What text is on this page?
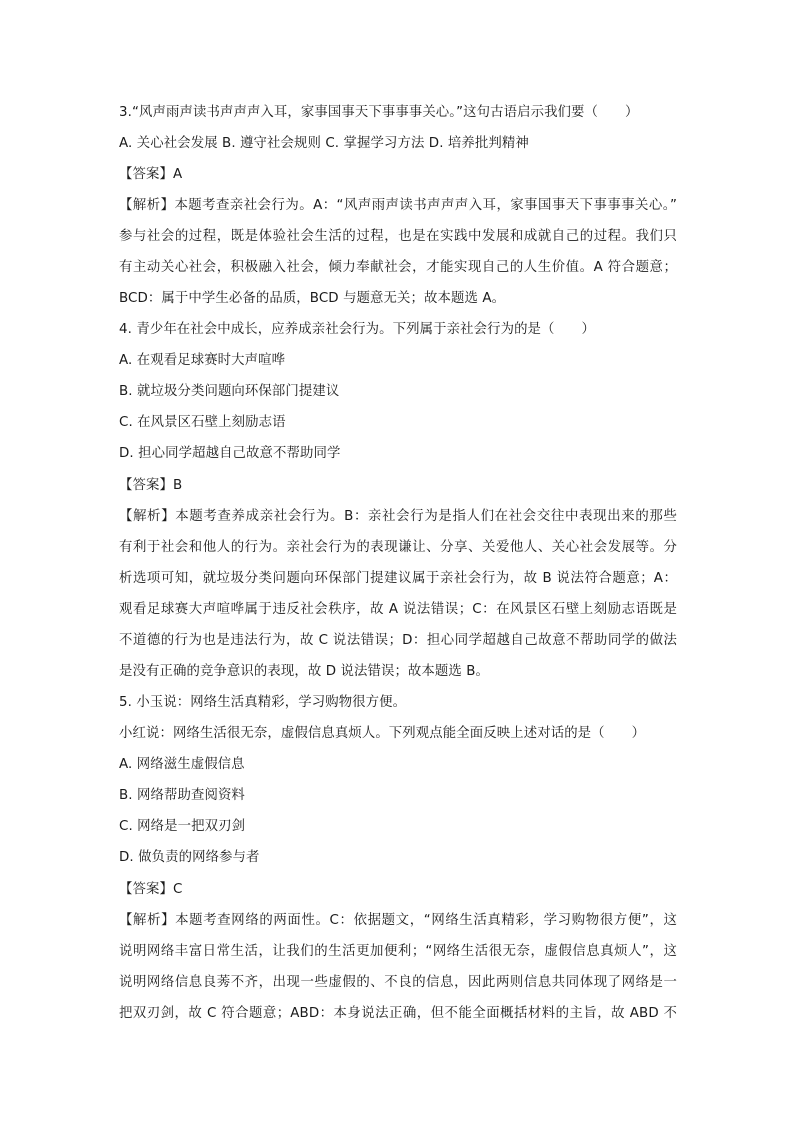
3.“风声雨声读书声声声入耳，家事国事天下事事事关心。”这句古语启示我们要（　　）
A. 关心社会发展 B. 遵守社会规则 C. 掌握学习方法 D. 培养批判精神
【答案】A
【解析】本题考查亲社会行为。A：“风声雨声读书声声声入耳，家事国事天下事事事关心。”
参与社会的过程，既是体验社会生活的过程，也是在实践中发展和成就自己的过程。我们只
有主动关心社会，积极融入社会，倾力奉献社会，才能实现自己的人生价值。A 符合题意；
BCD：属于中学生必备的品质，BCD 与题意无关；故本题选 A。
4. 青少年在社会中成长，应养成亲社会行为。下列属于亲社会行为的是（　　）
A. 在观看足球赛时大声喧哗
B. 就垃圾分类问题向环保部门提建议
C. 在风景区石壁上刻励志语
D. 担心同学超越自己故意不帮助同学
【答案】B
【解析】本题考查养成亲社会行为。B：亲社会行为是指人们在社会交往中表现出来的那些
有利于社会和他人的行为。亲社会行为的表现谦让、分享、关爱他人、关心社会发展等。分
析选项可知，就垃圾分类问题向环保部门提建议属于亲社会行为，故 B 说法符合题意；A：
观看足球赛大声喧哗属于违反社会秩序，故 A 说法错误；C：在风景区石壁上刻励志语既是
不道德的行为也是违法行为，故 C 说法错误；D：担心同学超越自己故意不帮助同学的做法
是没有正确的竞争意识的表现，故 D 说法错误；故本题选 B。
5. 小玉说：网络生活真精彩，学习购物很方便。
小红说：网络生活很无奈，虚假信息真烦人。下列观点能全面反映上述对话的是（　　）
A. 网络滋生虚假信息
B. 网络帮助查阅资料
C. 网络是一把双刃剑
D. 做负责的网络参与者
【答案】C
【解析】本题考查网络的两面性。C：依据题文，“网络生活真精彩，学习购物很方便”，这
说明网络丰富日常生活，让我们的生活更加便利；“网络生活很无奈，虚假信息真烦人”，这
说明网络信息良莠不齐，出现一些虚假的、不良的信息，因此两则信息共同体现了网络是一
把双刃剑，故 C 符合题意；ABD：本身说法正确，但不能全面概括材料的主旨，故 ABD 不
